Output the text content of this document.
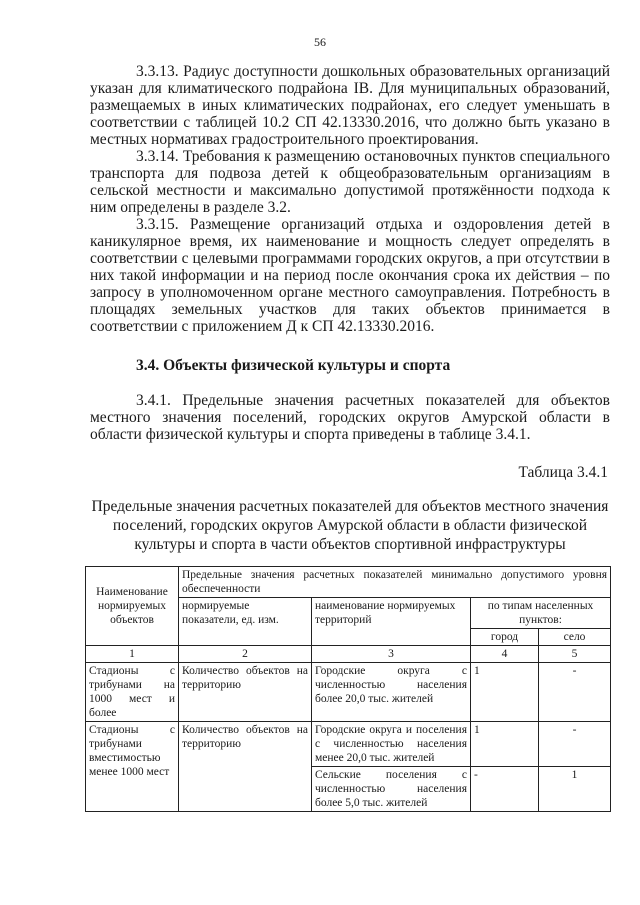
56

3.3.13. Радиус доступности дошкольных образовательных организаций указан для климатического подрайона IВ. Для муниципальных образований, размещаемых в иных климатических подрайонах, его следует уменьшать в соответствии с таблицей 10.2 СП 42.13330.2016, что должно быть указано в местных нормативах градостроительного проектирования.

3.3.14. Требования к размещению остановочных пунктов специального транспорта для подвоза детей к общеобразовательным организациям в сельской местности и максимально допустимой протяжённости подхода к ним определены в разделе 3.2.

3.3.15. Размещение организаций отдыха и оздоровления детей в каникулярное время, их наименование и мощность следует определять в соответствии с целевыми программами городских округов, а при отсутствии в них такой информации и на период после окончания срока их действия – по запросу в уполномоченном органе местного самоуправления. Потребность в площадях земельных участков для таких объектов принимается в соответствии с приложением Д к СП 42.13330.2016.

3.4. Объекты физической культуры и спорта

3.4.1. Предельные значения расчетных показателей для объектов местного значения поселений, городских округов Амурской области в области физической культуры и спорта приведены в таблице 3.4.1.

Таблица 3.4.1

Предельные значения расчетных показателей для объектов местного значения поселений, городских округов Амурской области в области физической культуры и спорта в части объектов спортивной инфраструктуры

Наименование нормируемых объектов	Предельные значения расчетных показателей минимально допустимого уровня обеспеченности			
	нормируемые показатели, ед. изм.	наименование нормируемых территорий	по типам населенных пунктов:	
			город	село
1	2	3	4	5
Стадионы с трибунами на 1000 мест и более	Количество объектов на территорию	Городские округа с численностью населения более 20,0 тыс. жителей	1	-
Стадионы с трибунами вместимостью менее 1000 мест	Количество объектов на территорию	Городские округа и поселения с численностью населения менее 20,0 тыс. жителей	1	-
		Сельские поселения с численностью населения более 5,0 тыс. жителей	-	1
